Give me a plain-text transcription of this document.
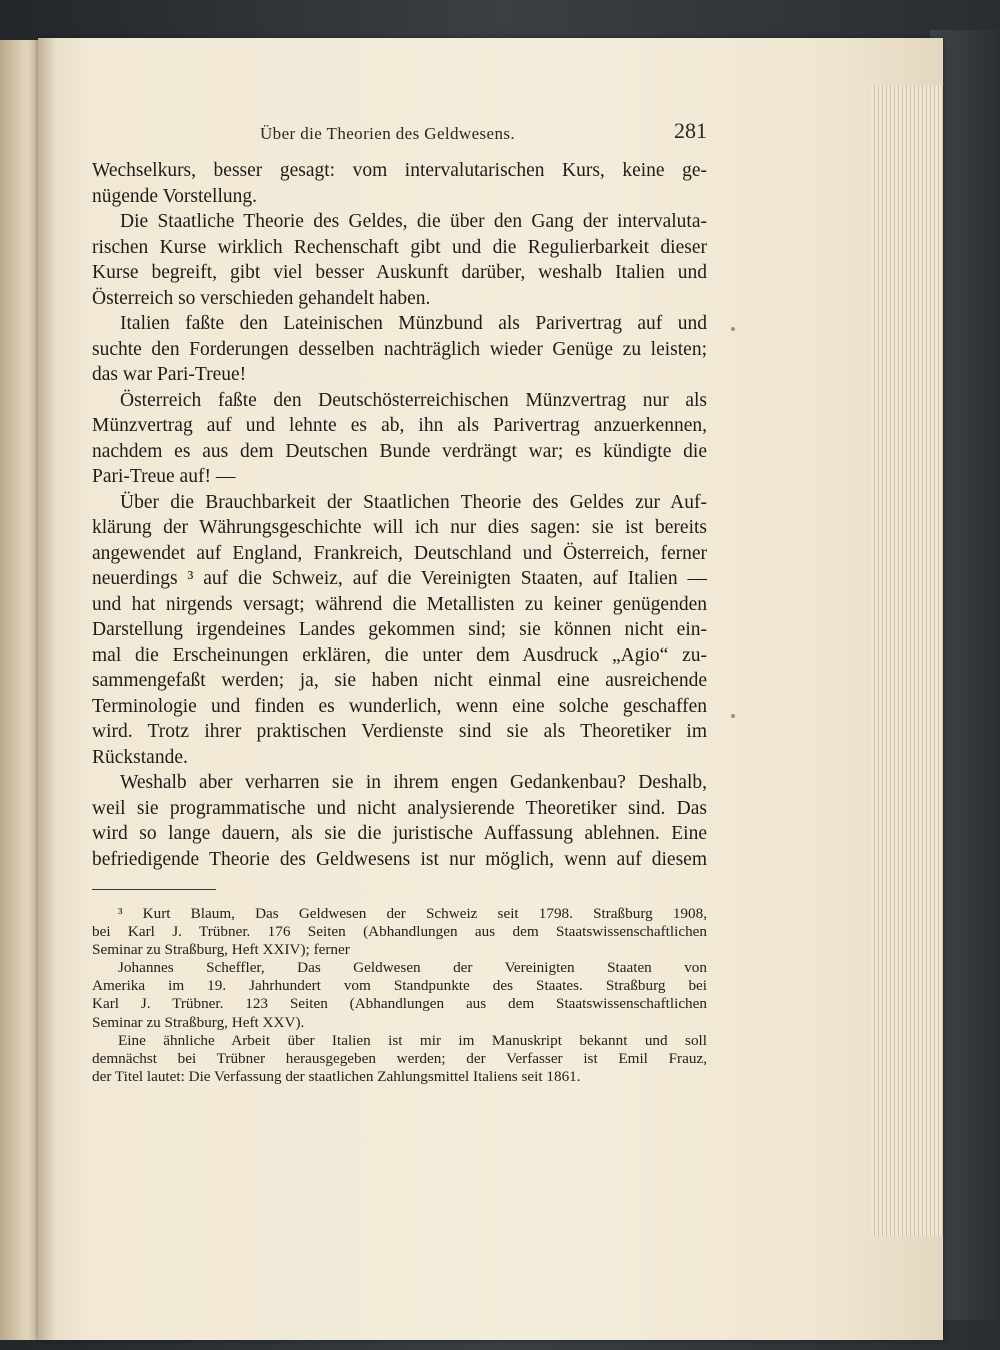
Über die Theorien des Geldwesens.	281
Wechselkurs, besser gesagt: vom intervalutarischen Kurs, keine ge-
nügende Vorstellung.
Die Staatliche Theorie des Geldes, die über den Gang der intervaluta-
rischen Kurse wirklich Rechenschaft gibt und die Regulierbarkeit dieser
Kurse begreift, gibt viel besser Auskunft darüber, weshalb Italien und
Österreich so verschieden gehandelt haben.
Italien faßte den Lateinischen Münzbund als Parivertrag auf und
suchte den Forderungen desselben nachträglich wieder Genüge zu leisten;
das war Pari-Treue!
Österreich faßte den Deutschösterreichischen Münzvertrag nur als
Münzvertrag auf und lehnte es ab, ihn als Parivertrag anzuerkennen,
nachdem es aus dem Deutschen Bunde verdrängt war; es kündigte die
Pari-Treue auf! —
Über die Brauchbarkeit der Staatlichen Theorie des Geldes zur Auf-
klärung der Währungsgeschichte will ich nur dies sagen: sie ist bereits
angewendet auf England, Frankreich, Deutschland und Österreich, ferner
neuerdings ³ auf die Schweiz, auf die Vereinigten Staaten, auf Italien —
und hat nirgends versagt; während die Metallisten zu keiner genügenden
Darstellung irgendeines Landes gekommen sind; sie können nicht ein-
mal die Erscheinungen erklären, die unter dem Ausdruck „Agio“ zu-
sammengefaßt werden; ja, sie haben nicht einmal eine ausreichende
Terminologie und finden es wunderlich, wenn eine solche geschaffen
wird. Trotz ihrer praktischen Verdienste sind sie als Theoretiker im
Rückstande.
Weshalb aber verharren sie in ihrem engen Gedankenbau? Deshalb,
weil sie programmatische und nicht analysierende Theoretiker sind. Das
wird so lange dauern, als sie die juristische Auffassung ablehnen. Eine
befriedigende Theorie des Geldwesens ist nur möglich, wenn auf diesem
³ Kurt Blaum, Das Geldwesen der Schweiz seit 1798. Straßburg 1908,
bei Karl J. Trübner. 176 Seiten (Abhandlungen aus dem Staatswissenschaftlichen
Seminar zu Straßburg, Heft XXIV); ferner
Johannes Scheffler, Das Geldwesen der Vereinigten Staaten von
Amerika im 19. Jahrhundert vom Standpunkte des Staates. Straßburg bei
Karl J. Trübner. 123 Seiten (Abhandlungen aus dem Staatswissenschaftlichen
Seminar zu Straßburg, Heft XXV).
Eine ähnliche Arbeit über Italien ist mir im Manuskript bekannt und soll
demnächst bei Trübner herausgegeben werden; der Verfasser ist Emil Frauz,
der Titel lautet: Die Verfassung der staatlichen Zahlungsmittel Italiens seit 1861.
